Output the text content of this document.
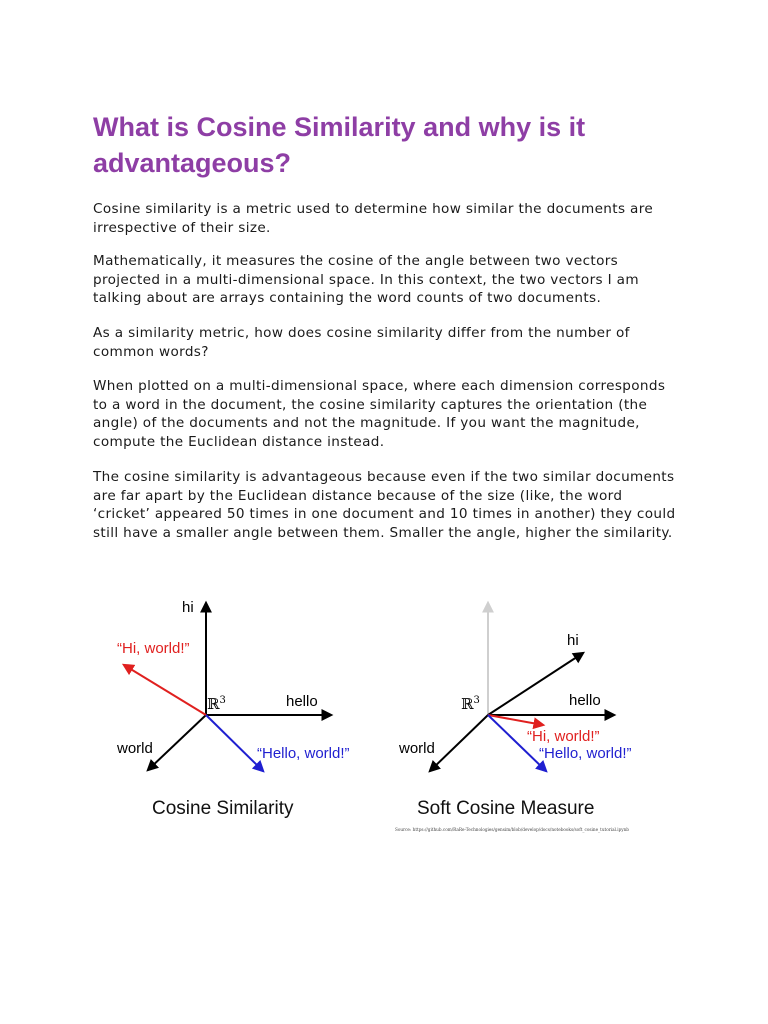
What is Cosine Similarity and why is it advantageous?

Cosine similarity is a metric used to determine how similar the documents are irrespective of their size.

Mathematically, it measures the cosine of the angle between two vectors projected in a multi-dimensional space. In this context, the two vectors I am talking about are arrays containing the word counts of two documents.

As a similarity metric, how does cosine similarity differ from the number of common words?

When plotted on a multi-dimensional space, where each dimension corresponds to a word in the document, the cosine similarity captures the orientation (the angle) of the documents and not the magnitude. If you want the magnitude, compute the Euclidean distance instead.

The cosine similarity is advantageous because even if the two similar documents are far apart by the Euclidean distance because of the size (like, the word ‘cricket’ appeared 50 times in one document and 10 times in another) they could still have a smaller angle between them. Smaller the angle, higher the similarity.

hi
hello
world
ℝ$^3$
“Hi, world!”
“Hello, world!”
Cosine Similarity
hi
hello
world
ℝ$^3$
“Hi, world!”
“Hello, world!”
Soft Cosine Measure
Source: https://github.com/RaRe-Technologies/gensim/blob/develop/docs/notebooks/soft_cosine_tutorial.ipynb
